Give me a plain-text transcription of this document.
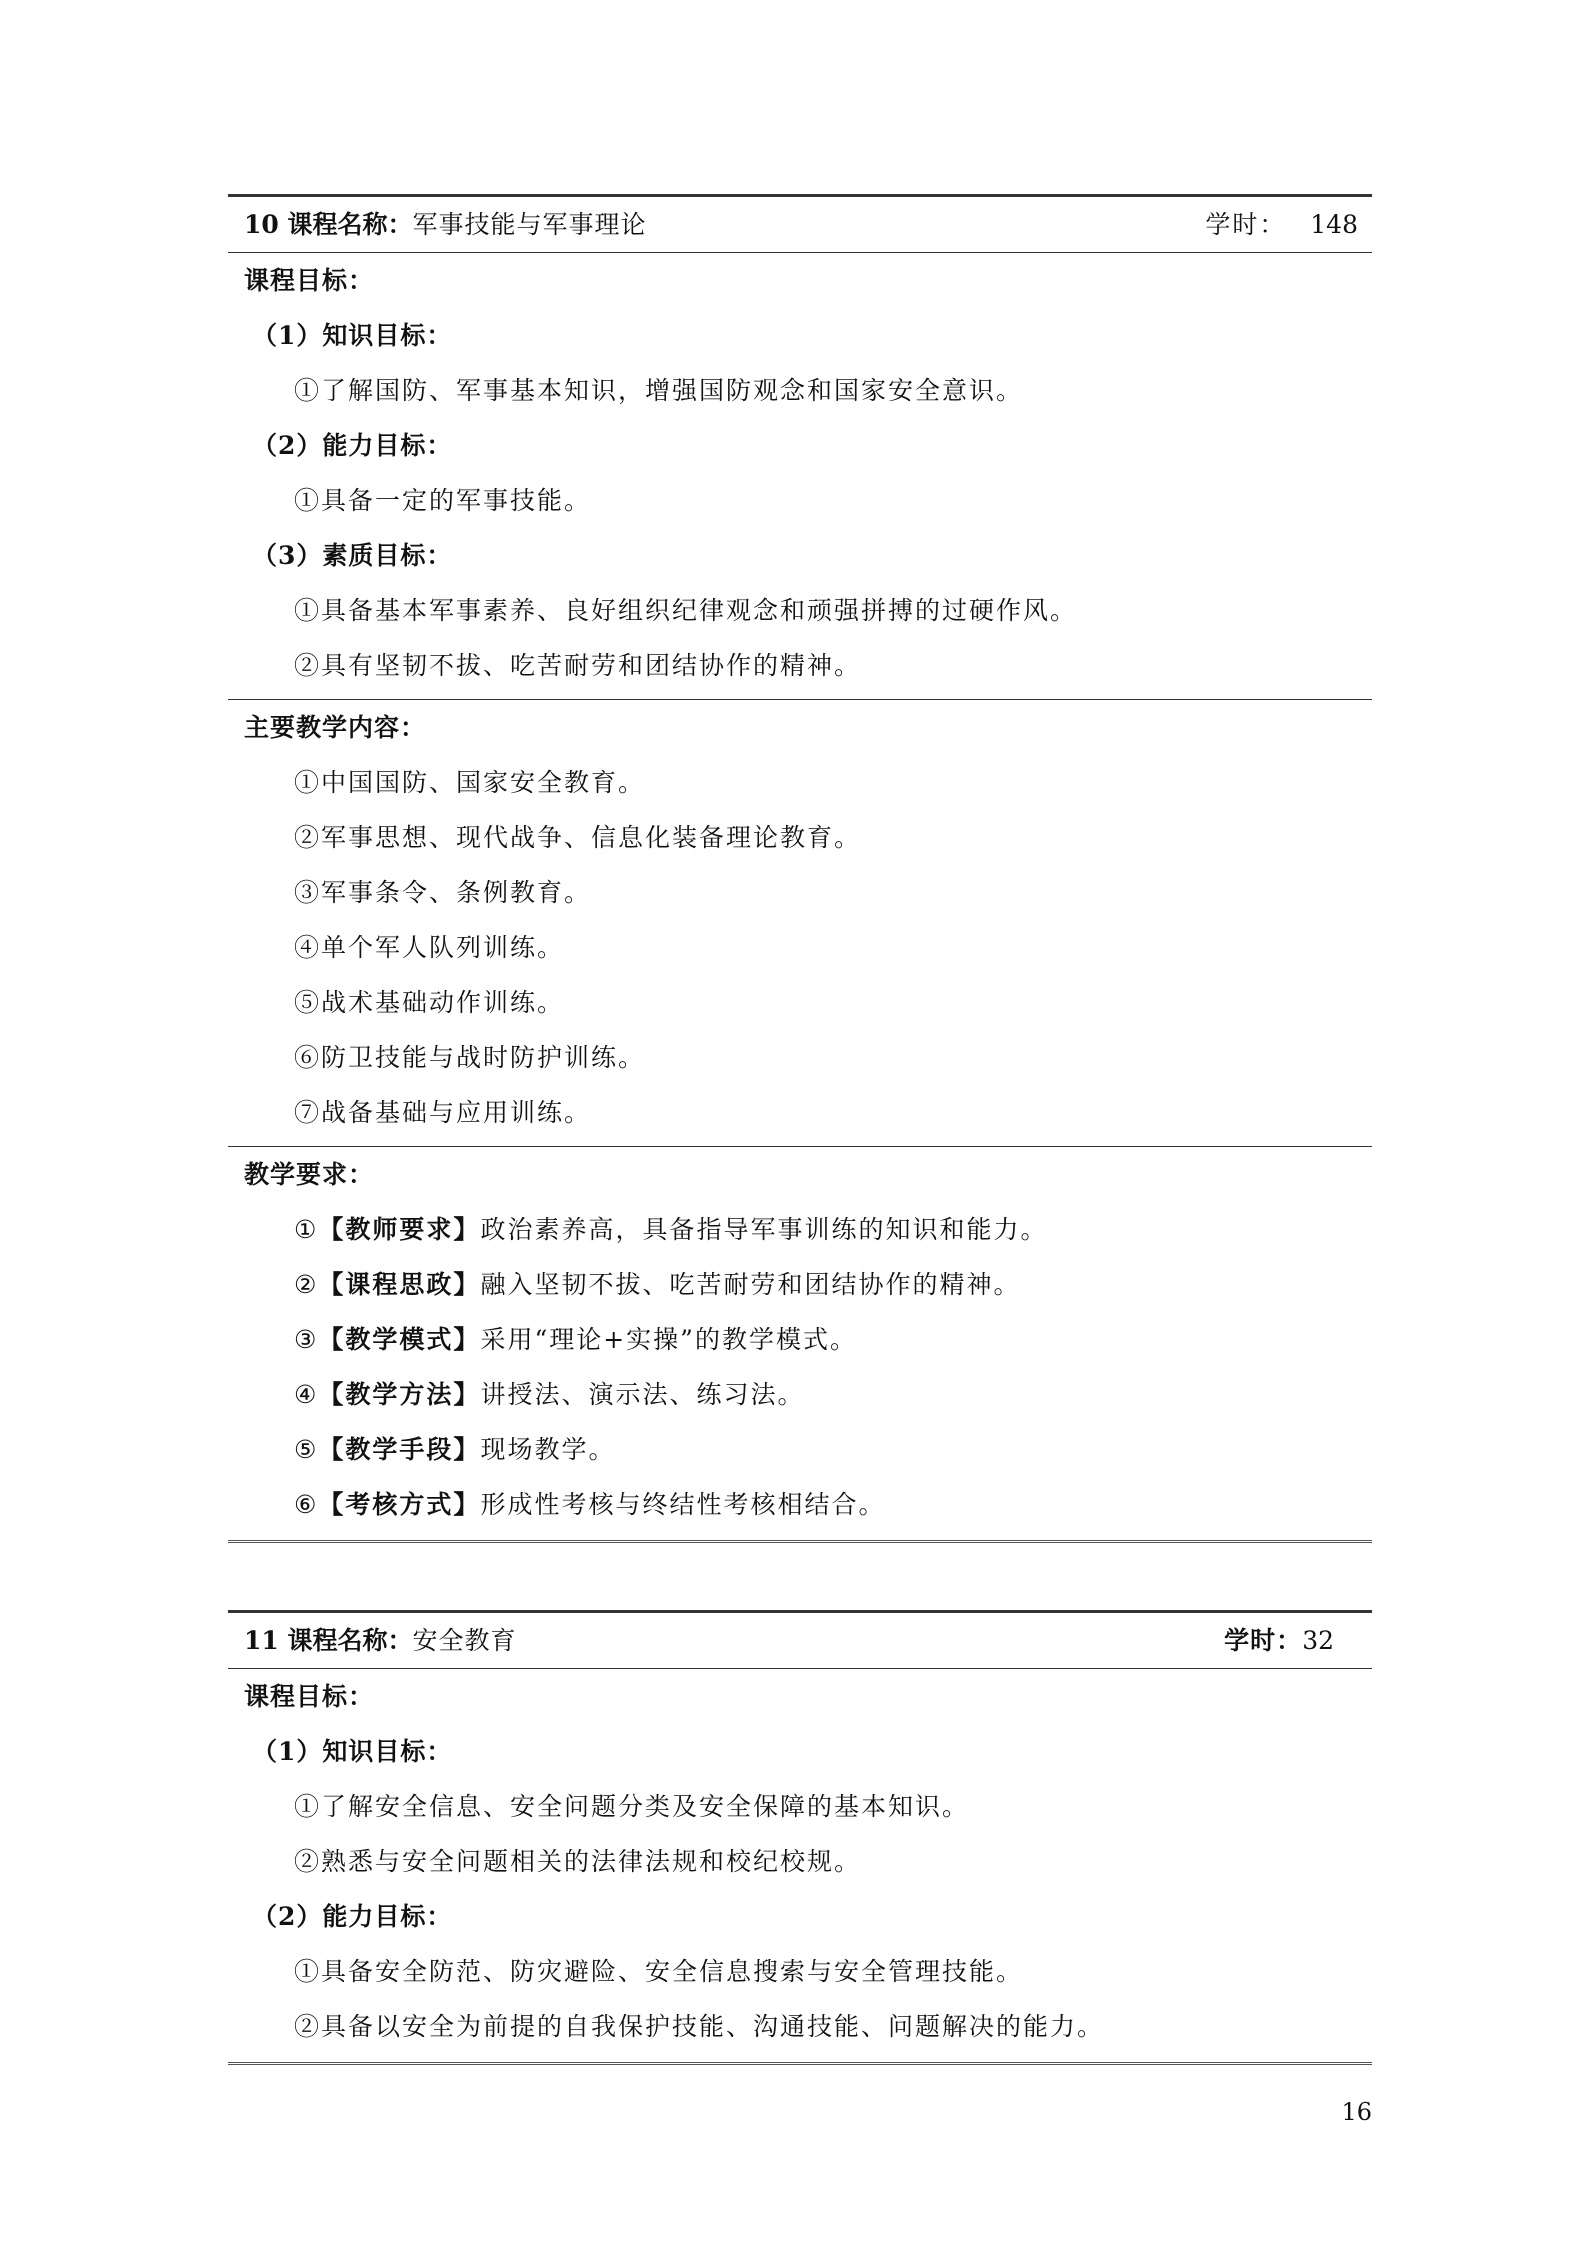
10 课程名称：军事技能与军事理论	学时： 148
课程目标：
（1）知识目标：
①了解国防、军事基本知识，增强国防观念和国家安全意识。
（2）能力目标：
①具备一定的军事技能。
（3）素质目标：
①具备基本军事素养、良好组织纪律观念和顽强拼搏的过硬作风。
②具有坚韧不拔、吃苦耐劳和团结协作的精神。
主要教学内容：
①中国国防、国家安全教育。
②军事思想、现代战争、信息化装备理论教育。
③军事条令、条例教育。
④单个军人队列训练。
⑤战术基础动作训练。
⑥防卫技能与战时防护训练。
⑦战备基础与应用训练。
教学要求：
①【教师要求】政治素养高，具备指导军事训练的知识和能力。
②【课程思政】融入坚韧不拔、吃苦耐劳和团结协作的精神。
③【教学模式】采用“理论+实操”的教学模式。
④【教学方法】讲授法、演示法、练习法。
⑤【教学手段】现场教学。
⑥【考核方式】形成性考核与终结性考核相结合。
11 课程名称：安全教育	学时：32
课程目标：
（1）知识目标：
①了解安全信息、安全问题分类及安全保障的基本知识。
②熟悉与安全问题相关的法律法规和校纪校规。
（2）能力目标：
①具备安全防范、防灾避险、安全信息搜索与安全管理技能。
②具备以安全为前提的自我保护技能、沟通技能、问题解决的能力。
16
